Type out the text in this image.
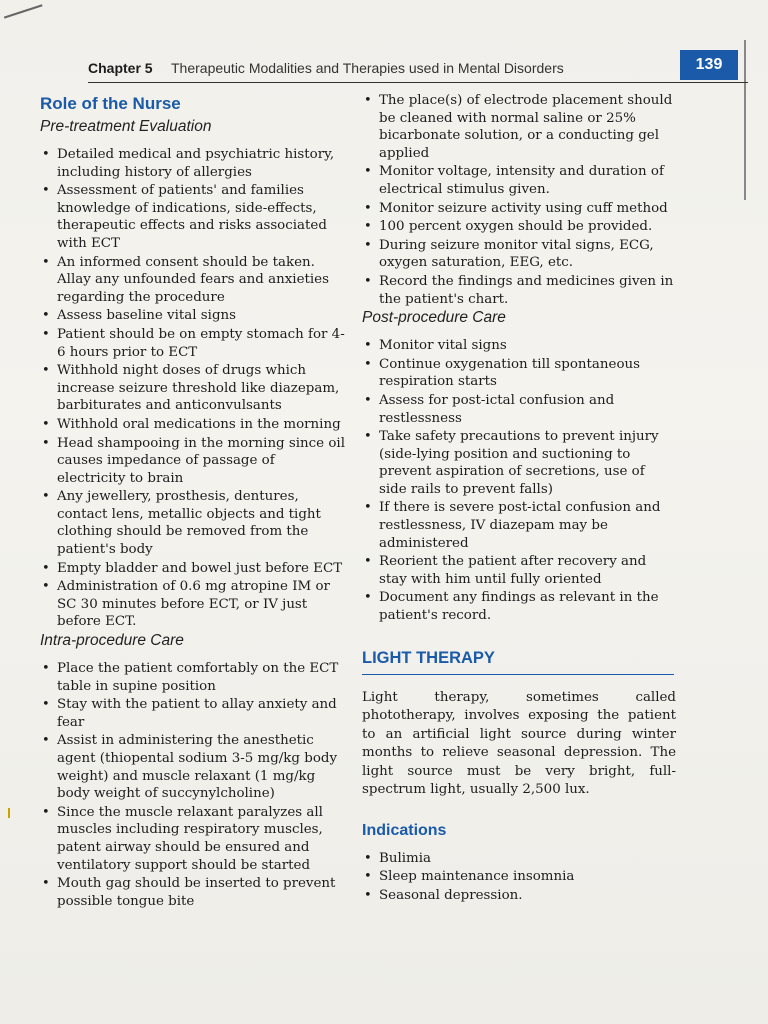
Chapter 5 Therapeutic Modalities and Therapies used in Mental Disorders	139
Role of the Nurse
Pre-treatment Evaluation
• Detailed medical and psychiatric history, including history of allergies
• Assessment of patients' and families knowledge of indications, side-effects, therapeutic effects and risks associated with ECT
• An informed consent should be taken. Allay any unfounded fears and anxieties regarding the procedure
• Assess baseline vital signs
• Patient should be on empty stomach for 4-6 hours prior to ECT
• Withhold night doses of drugs which increase seizure threshold like diazepam, barbiturates and anticonvulsants
• Withhold oral medications in the morning
• Head shampooing in the morning since oil causes impedance of passage of electricity to brain
• Any jewellery, prosthesis, dentures, contact lens, metallic objects and tight clothing should be removed from the patient's body
• Empty bladder and bowel just before ECT
• Administration of 0.6 mg atropine IM or SC 30 minutes before ECT, or IV just before ECT.
Intra-procedure Care
• Place the patient comfortably on the ECT table in supine position
• Stay with the patient to allay anxiety and fear
• Assist in administering the anesthetic agent (thiopental sodium 3-5 mg/kg body weight) and muscle relaxant (1 mg/kg body weight of succynylcholine)
• Since the muscle relaxant paralyzes all muscles including respiratory muscles, patent airway should be ensured and ventilatory support should be started
• Mouth gag should be inserted to prevent possible tongue bite
• The place(s) of electrode placement should be cleaned with normal saline or 25% bicarbonate solution, or a conducting gel applied
• Monitor voltage, intensity and duration of electrical stimulus given.
• Monitor seizure activity using cuff method
• 100 percent oxygen should be provided.
• During seizure monitor vital signs, ECG, oxygen saturation, EEG, etc.
• Record the findings and medicines given in the patient's chart.
Post-procedure Care
• Monitor vital signs
• Continue oxygenation till spontaneous respiration starts
• Assess for post-ictal confusion and restlessness
• Take safety precautions to prevent injury (side-lying position and suctioning to prevent aspiration of secretions, use of side rails to prevent falls)
• If there is severe post-ictal confusion and restlessness, IV diazepam may be administered
• Reorient the patient after recovery and stay with him until fully oriented
• Document any findings as relevant in the patient's record.
LIGHT THERAPY

Light therapy, sometimes called phototherapy, involves exposing the patient to an artificial light source during winter months to relieve seasonal depression. The light source must be very bright, full-spectrum light, usually 2,500 lux.

Indications
• Bulimia
• Sleep maintenance insomnia
• Seasonal depression.
